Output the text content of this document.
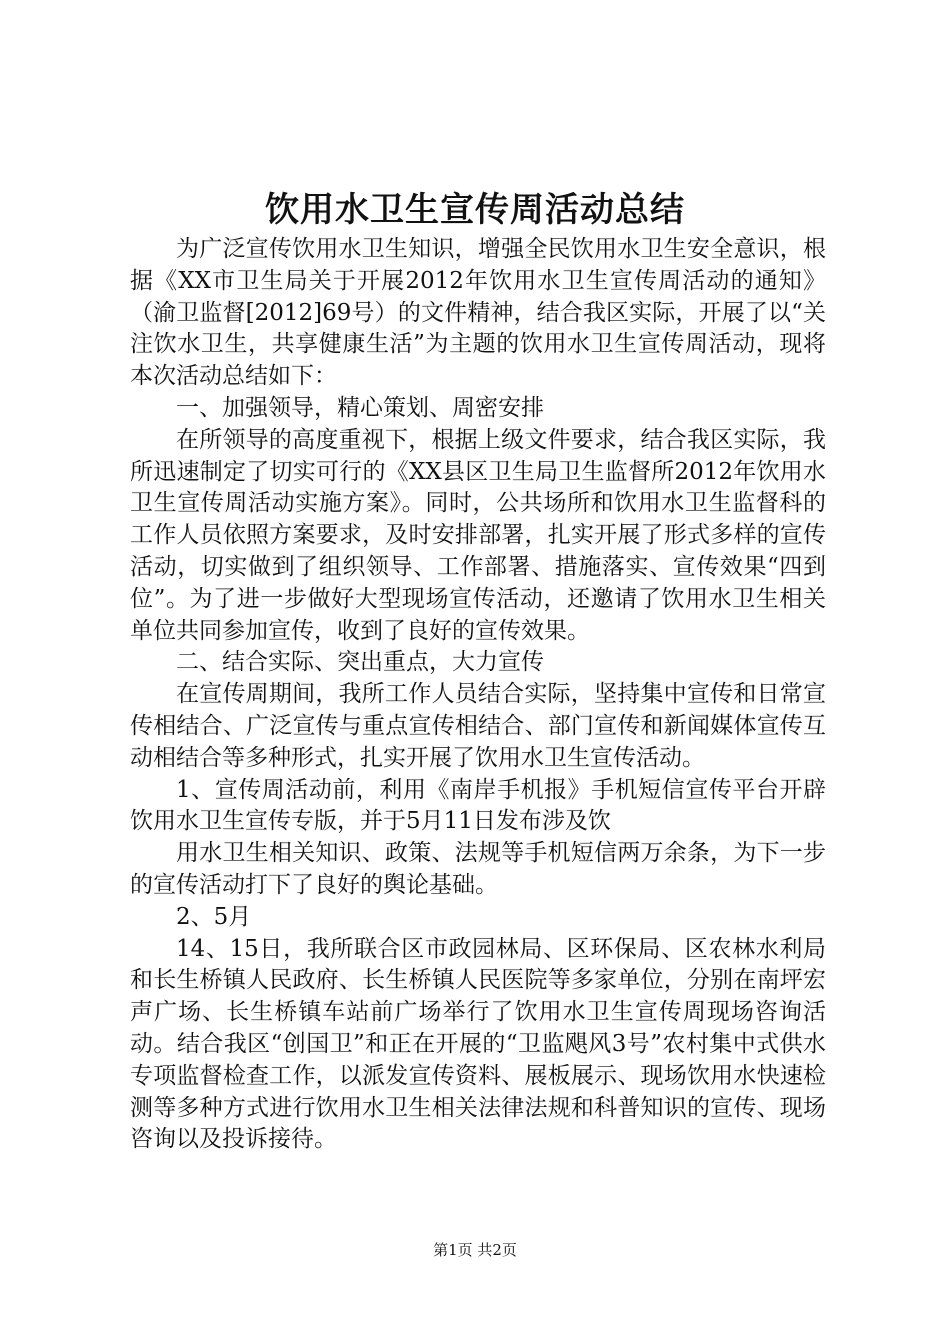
饮用水卫生宣传周活动总结

为广泛宣传饮用水卫生知识，增强全民饮用水卫生安全意识，根据《XX市卫生局关于开展2012年饮用水卫生宣传周活动的通知》（渝卫监督[2012]69号）的文件精神，结合我区实际，开展了以“关注饮水卫生，共享健康生活”为主题的饮用水卫生宣传周活动，现将本次活动总结如下：

一、加强领导，精心策划、周密安排

在所领导的高度重视下，根据上级文件要求，结合我区实际，我所迅速制定了切实可行的《XX县区卫生局卫生监督所2012年饮用水卫生宣传周活动实施方案》。同时，公共场所和饮用水卫生监督科的工作人员依照方案要求，及时安排部署，扎实开展了形式多样的宣传活动，切实做到了组织领导、工作部署、措施落实、宣传效果“四到位”。为了进一步做好大型现场宣传活动，还邀请了饮用水卫生相关单位共同参加宣传，收到了良好的宣传效果。

二、结合实际、突出重点，大力宣传

在宣传周期间，我所工作人员结合实际，坚持集中宣传和日常宣传相结合、广泛宣传与重点宣传相结合、部门宣传和新闻媒体宣传互动相结合等多种形式，扎实开展了饮用水卫生宣传活动。

1、宣传周活动前，利用《南岸手机报》手机短信宣传平台开辟饮用水卫生宣传专版，并于5月11日发布涉及饮

用水卫生相关知识、政策、法规等手机短信两万余条，为下一步的宣传活动打下了良好的舆论基础。

2、5月

14、15日，我所联合区市政园林局、区环保局、区农林水利局和长生桥镇人民政府、长生桥镇人民医院等多家单位，分别在南坪宏声广场、长生桥镇车站前广场举行了饮用水卫生宣传周现场咨询活动。结合我区“创国卫”和正在开展的“卫监飓风3号”农村集中式供水专项监督检查工作，以派发宣传资料、展板展示、现场饮用水快速检测等多种方式进行饮用水卫生相关法律法规和科普知识的宣传、现场咨询以及投诉接待。

第1页 共2页
